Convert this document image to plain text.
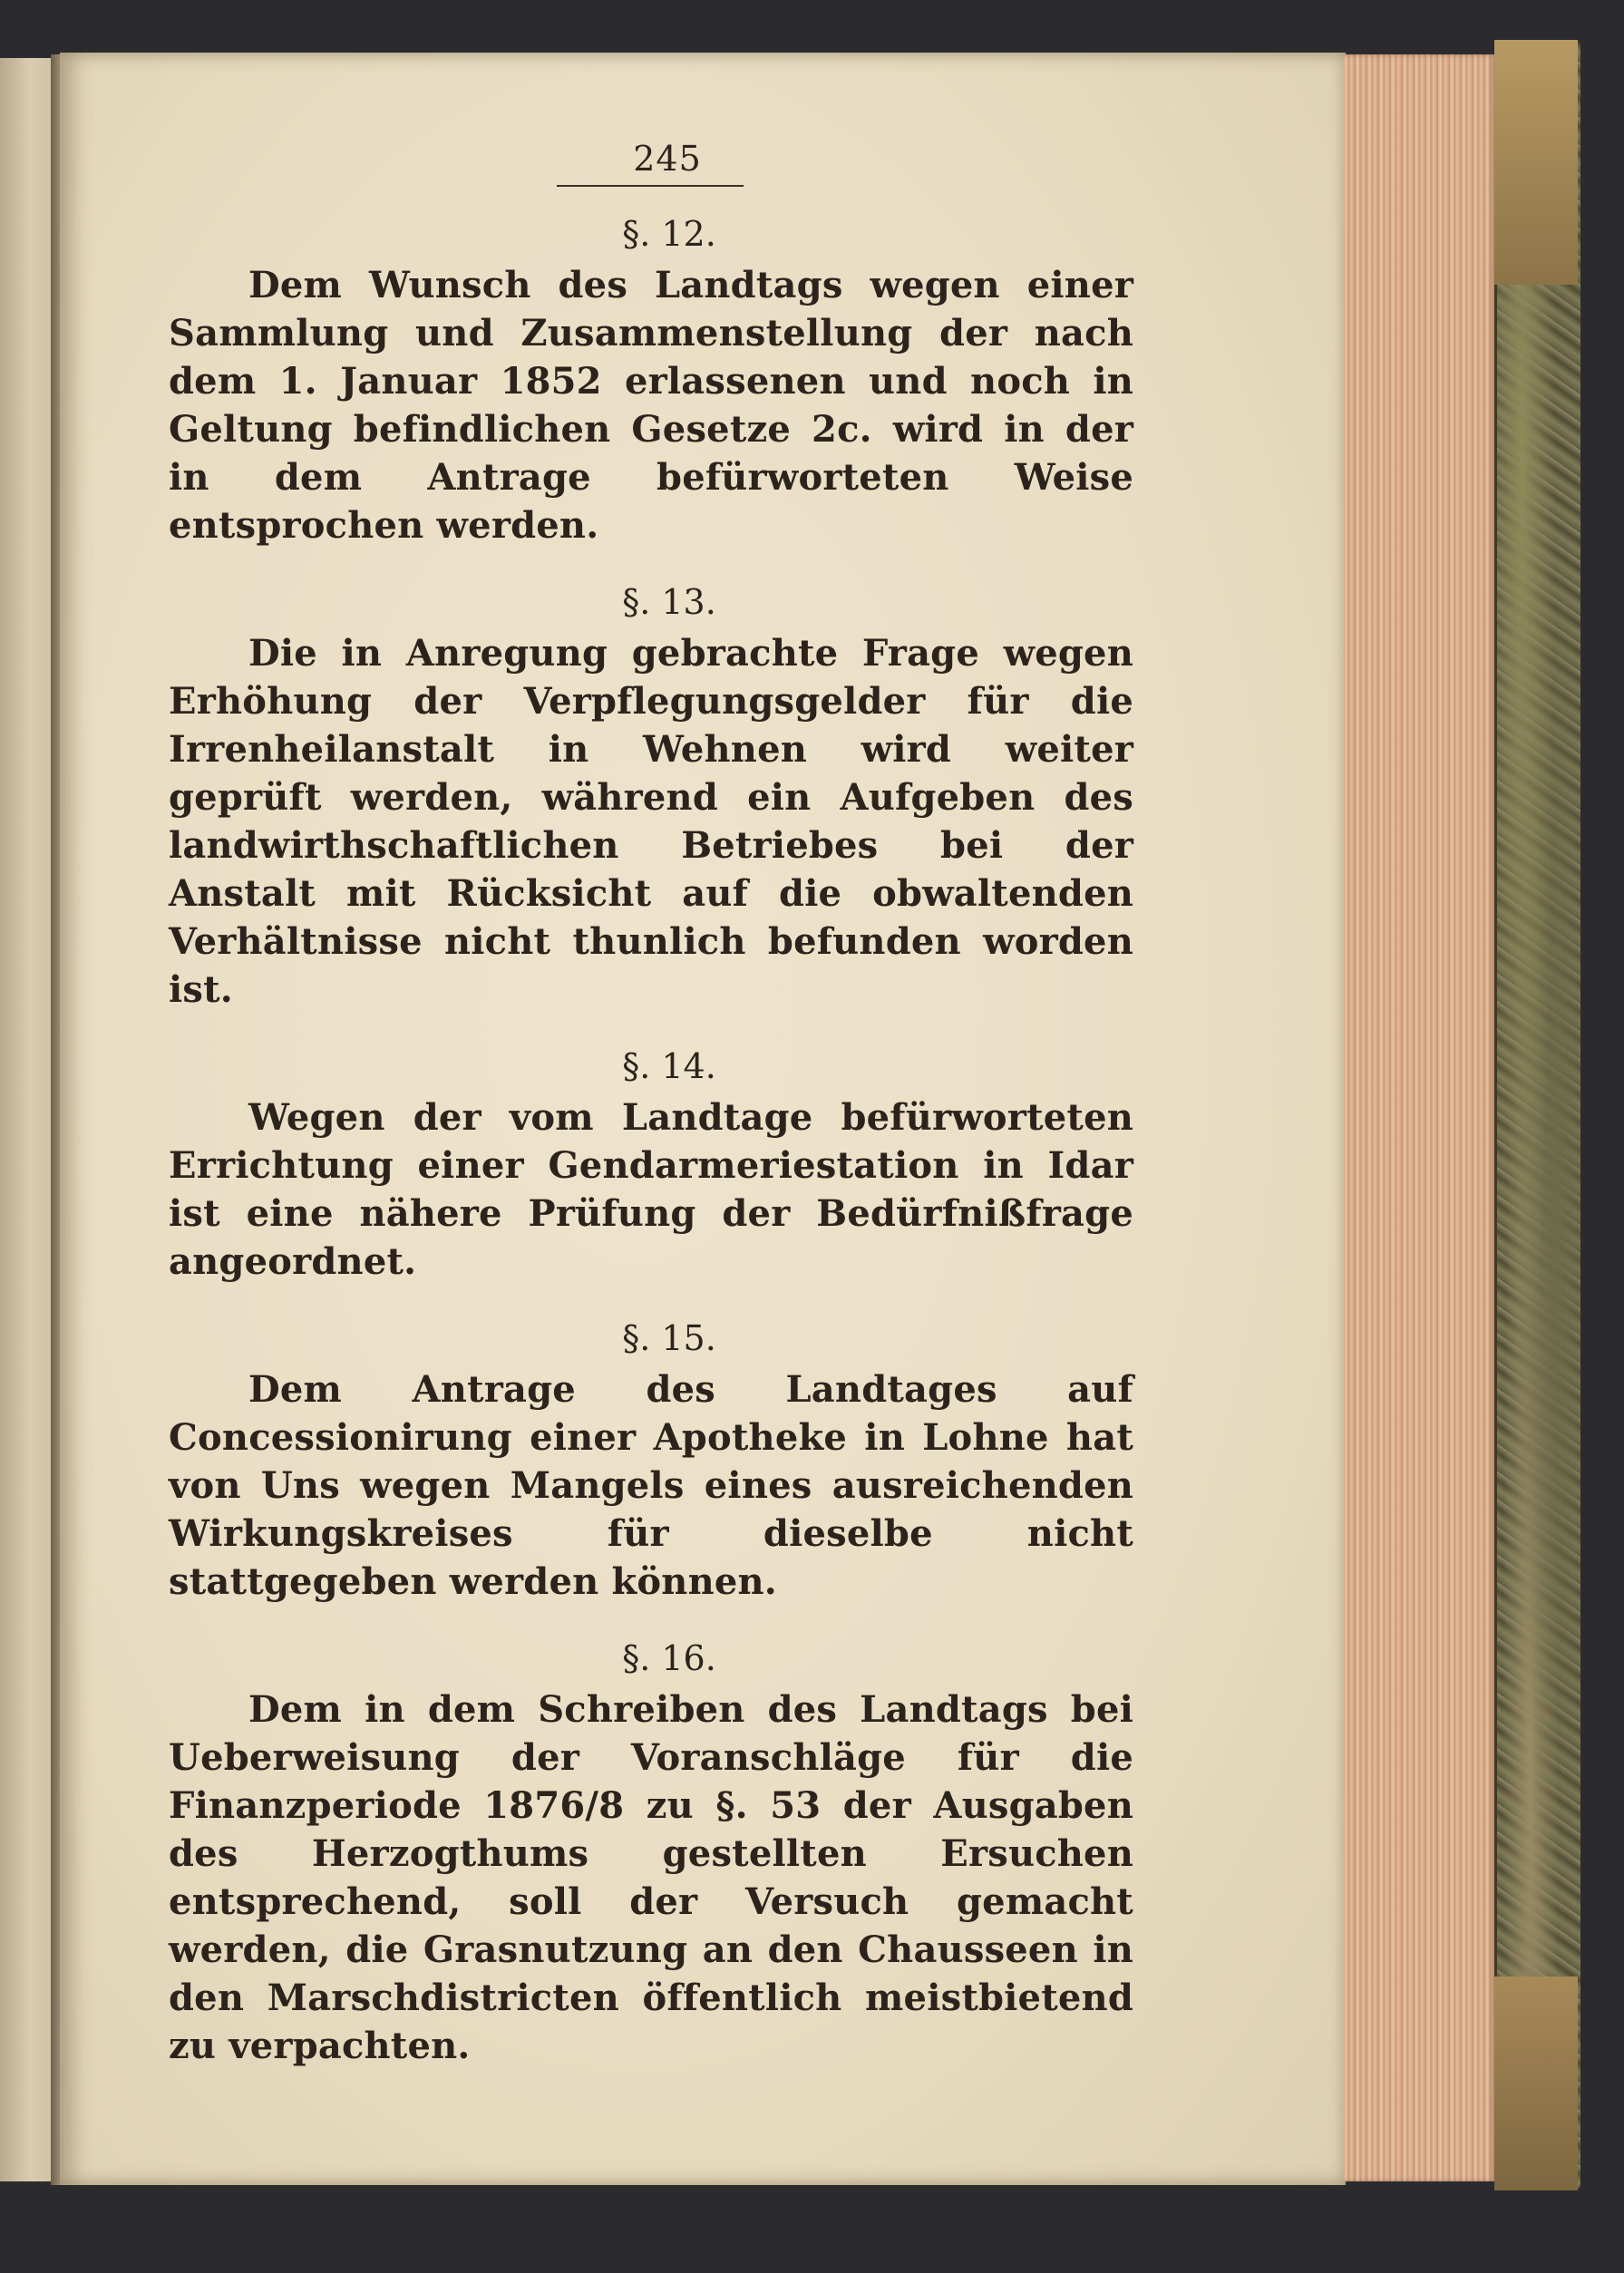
245
§. 12.

Dem Wunsch des Landtags wegen einer Sammlung und Zusammenstellung der nach dem 1. Januar 1852 erlassenen und noch in Geltung befindlichen Gesetze 2c. wird in der in dem Antrage befürworteten Weise entsprochen werden.

§. 13.

Die in Anregung gebrachte Frage wegen Erhöhung der Verpflegungsgelder für die Irrenheilanstalt in Wehnen wird weiter geprüft werden, während ein Aufgeben des landwirthschaftlichen Betriebes bei der Anstalt mit Rücksicht auf die obwaltenden Verhältnisse nicht thunlich befunden worden ist.

§. 14.

Wegen der vom Landtage befürworteten Errichtung einer Gendarmeriestation in Idar ist eine nähere Prüfung der Bedürfnißfrage angeordnet.

§. 15.

Dem Antrage des Landtages auf Concessionirung einer Apotheke in Lohne hat von Uns wegen Mangels eines ausreichenden Wirkungskreises für dieselbe nicht stattgegeben werden können.

§. 16.

Dem in dem Schreiben des Landtags bei Ueberweisung der Voranschläge für die Finanzperiode 1876/8 zu §. 53 der Ausgaben des Herzogthums gestellten Ersuchen entsprechend, soll der Versuch gemacht werden, die Grasnutzung an den Chausseen in den Marschdistricten öffentlich meistbietend zu verpachten.
